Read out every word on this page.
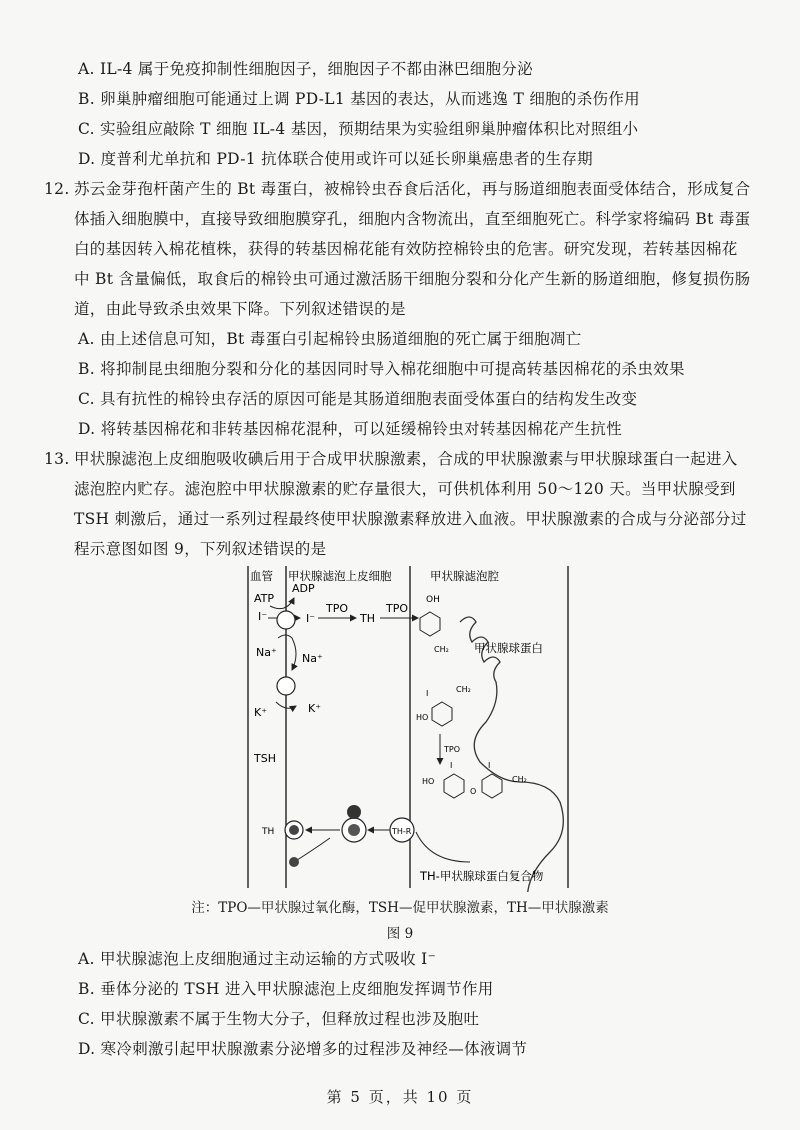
A. IL-4 属于免疫抑制性细胞因子，细胞因子不都由淋巴细胞分泌
B. 卵巢肿瘤细胞可能通过上调 PD-L1 基因的表达，从而逃逸 T 细胞的杀伤作用
C. 实验组应敲除 T 细胞 IL-4 基因，预期结果为实验组卵巢肿瘤体积比对照组小
D. 度普利尤单抗和 PD-1 抗体联合使用或许可以延长卵巢癌患者的生存期
12. 苏云金芽孢杆菌产生的 Bt 毒蛋白，被棉铃虫吞食后活化，再与肠道细胞表面受体结合，形成复合
体插入细胞膜中，直接导致细胞膜穿孔，细胞内含物流出，直至细胞死亡。科学家将编码 Bt 毒蛋
白的基因转入棉花植株，获得的转基因棉花能有效防控棉铃虫的危害。研究发现，若转基因棉花
中 Bt 含量偏低，取食后的棉铃虫可通过激活肠干细胞分裂和分化产生新的肠道细胞，修复损伤肠
道，由此导致杀虫效果下降。下列叙述错误的是
A. 由上述信息可知，Bt 毒蛋白引起棉铃虫肠道细胞的死亡属于细胞凋亡
B. 将抑制昆虫细胞分裂和分化的基因同时导入棉花细胞中可提高转基因棉花的杀虫效果
C. 具有抗性的棉铃虫存活的原因可能是其肠道细胞表面受体蛋白的结构发生改变
D. 将转基因棉花和非转基因棉花混种，可以延缓棉铃虫对转基因棉花产生抗性
13. 甲状腺滤泡上皮细胞吸收碘后用于合成甲状腺激素，合成的甲状腺激素与甲状腺球蛋白一起进入
滤泡腔内贮存。滤泡腔中甲状腺激素的贮存量很大，可供机体利用 50～120 天。当甲状腺受到
TSH 刺激后，通过一系列过程最终使甲状腺激素释放进入血液。甲状腺激素的合成与分泌部分过
程示意图如图 9，下列叙述错误的是
血管 甲状腺滤泡上皮细胞	甲状腺滤泡腔
ATP
ADP
I⁻	I⁻
TPO
TH
TPO
Na⁺ Na⁺
K⁺	K⁺
TSH
TH	TH-R
OH
CH₂ 甲状腺球蛋白
I	CH₂
HO
TPO
HO
O
I	I
CH₂
TH-甲状腺球蛋白复合物
注：TPO—甲状腺过氧化酶，TSH—促甲状腺激素，TH—甲状腺激素
图 9
A. 甲状腺滤泡上皮细胞通过主动运输的方式吸收 I⁻
B. 垂体分泌的 TSH 进入甲状腺滤泡上皮细胞发挥调节作用
C. 甲状腺激素不属于生物大分子，但释放过程也涉及胞吐
D. 寒冷刺激引起甲状腺激素分泌增多的过程涉及神经—体液调节
第 5 页，共 10 页
